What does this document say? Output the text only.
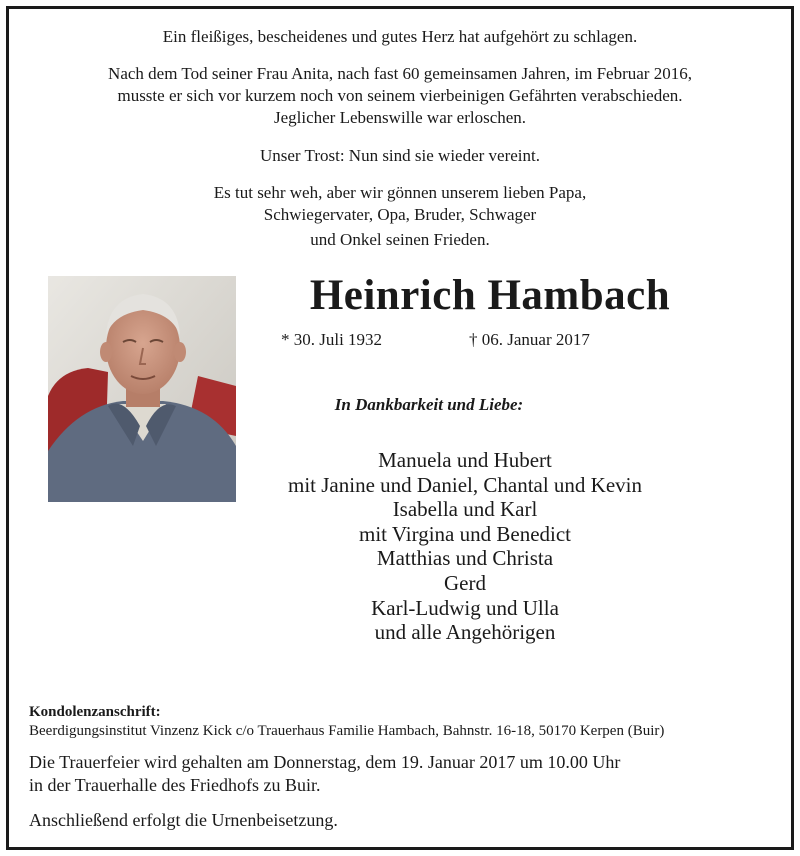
Ein fleißiges, bescheidenes und gutes Herz hat aufgehört zu schlagen.
Nach dem Tod seiner Frau Anita, nach fast 60 gemeinsamen Jahren, im Februar 2016,
musste er sich vor kurzem noch von seinem vierbeinigen Gefährten verabschieden.
Jeglicher Lebenswille war erloschen.
Unser Trost: Nun sind sie wieder vereint.
Es tut sehr weh, aber wir gönnen unserem lieben Papa,
Schwiegervater, Opa, Bruder, Schwager
und Onkel seinen Frieden.
Heinrich Hambach
* 30. Juli 1932	† 06. Januar 2017
In Dankbarkeit und Liebe:
Manuela und Hubert
mit Janine und Daniel, Chantal und Kevin
Isabella und Karl
mit Virgina und Benedict
Matthias und Christa
Gerd
Karl-Ludwig und Ulla
und alle Angehörigen
Kondolenzanschrift:
Beerdigungsinstitut Vinzenz Kick c/o Trauerhaus Familie Hambach, Bahnstr. 16-18, 50170 Kerpen (Buir)
Die Trauerfeier wird gehalten am Donnerstag, dem 19. Januar 2017 um 10.00 Uhr
in der Trauerhalle des Friedhofs zu Buir.
Anschließend erfolgt die Urnenbeisetzung.
